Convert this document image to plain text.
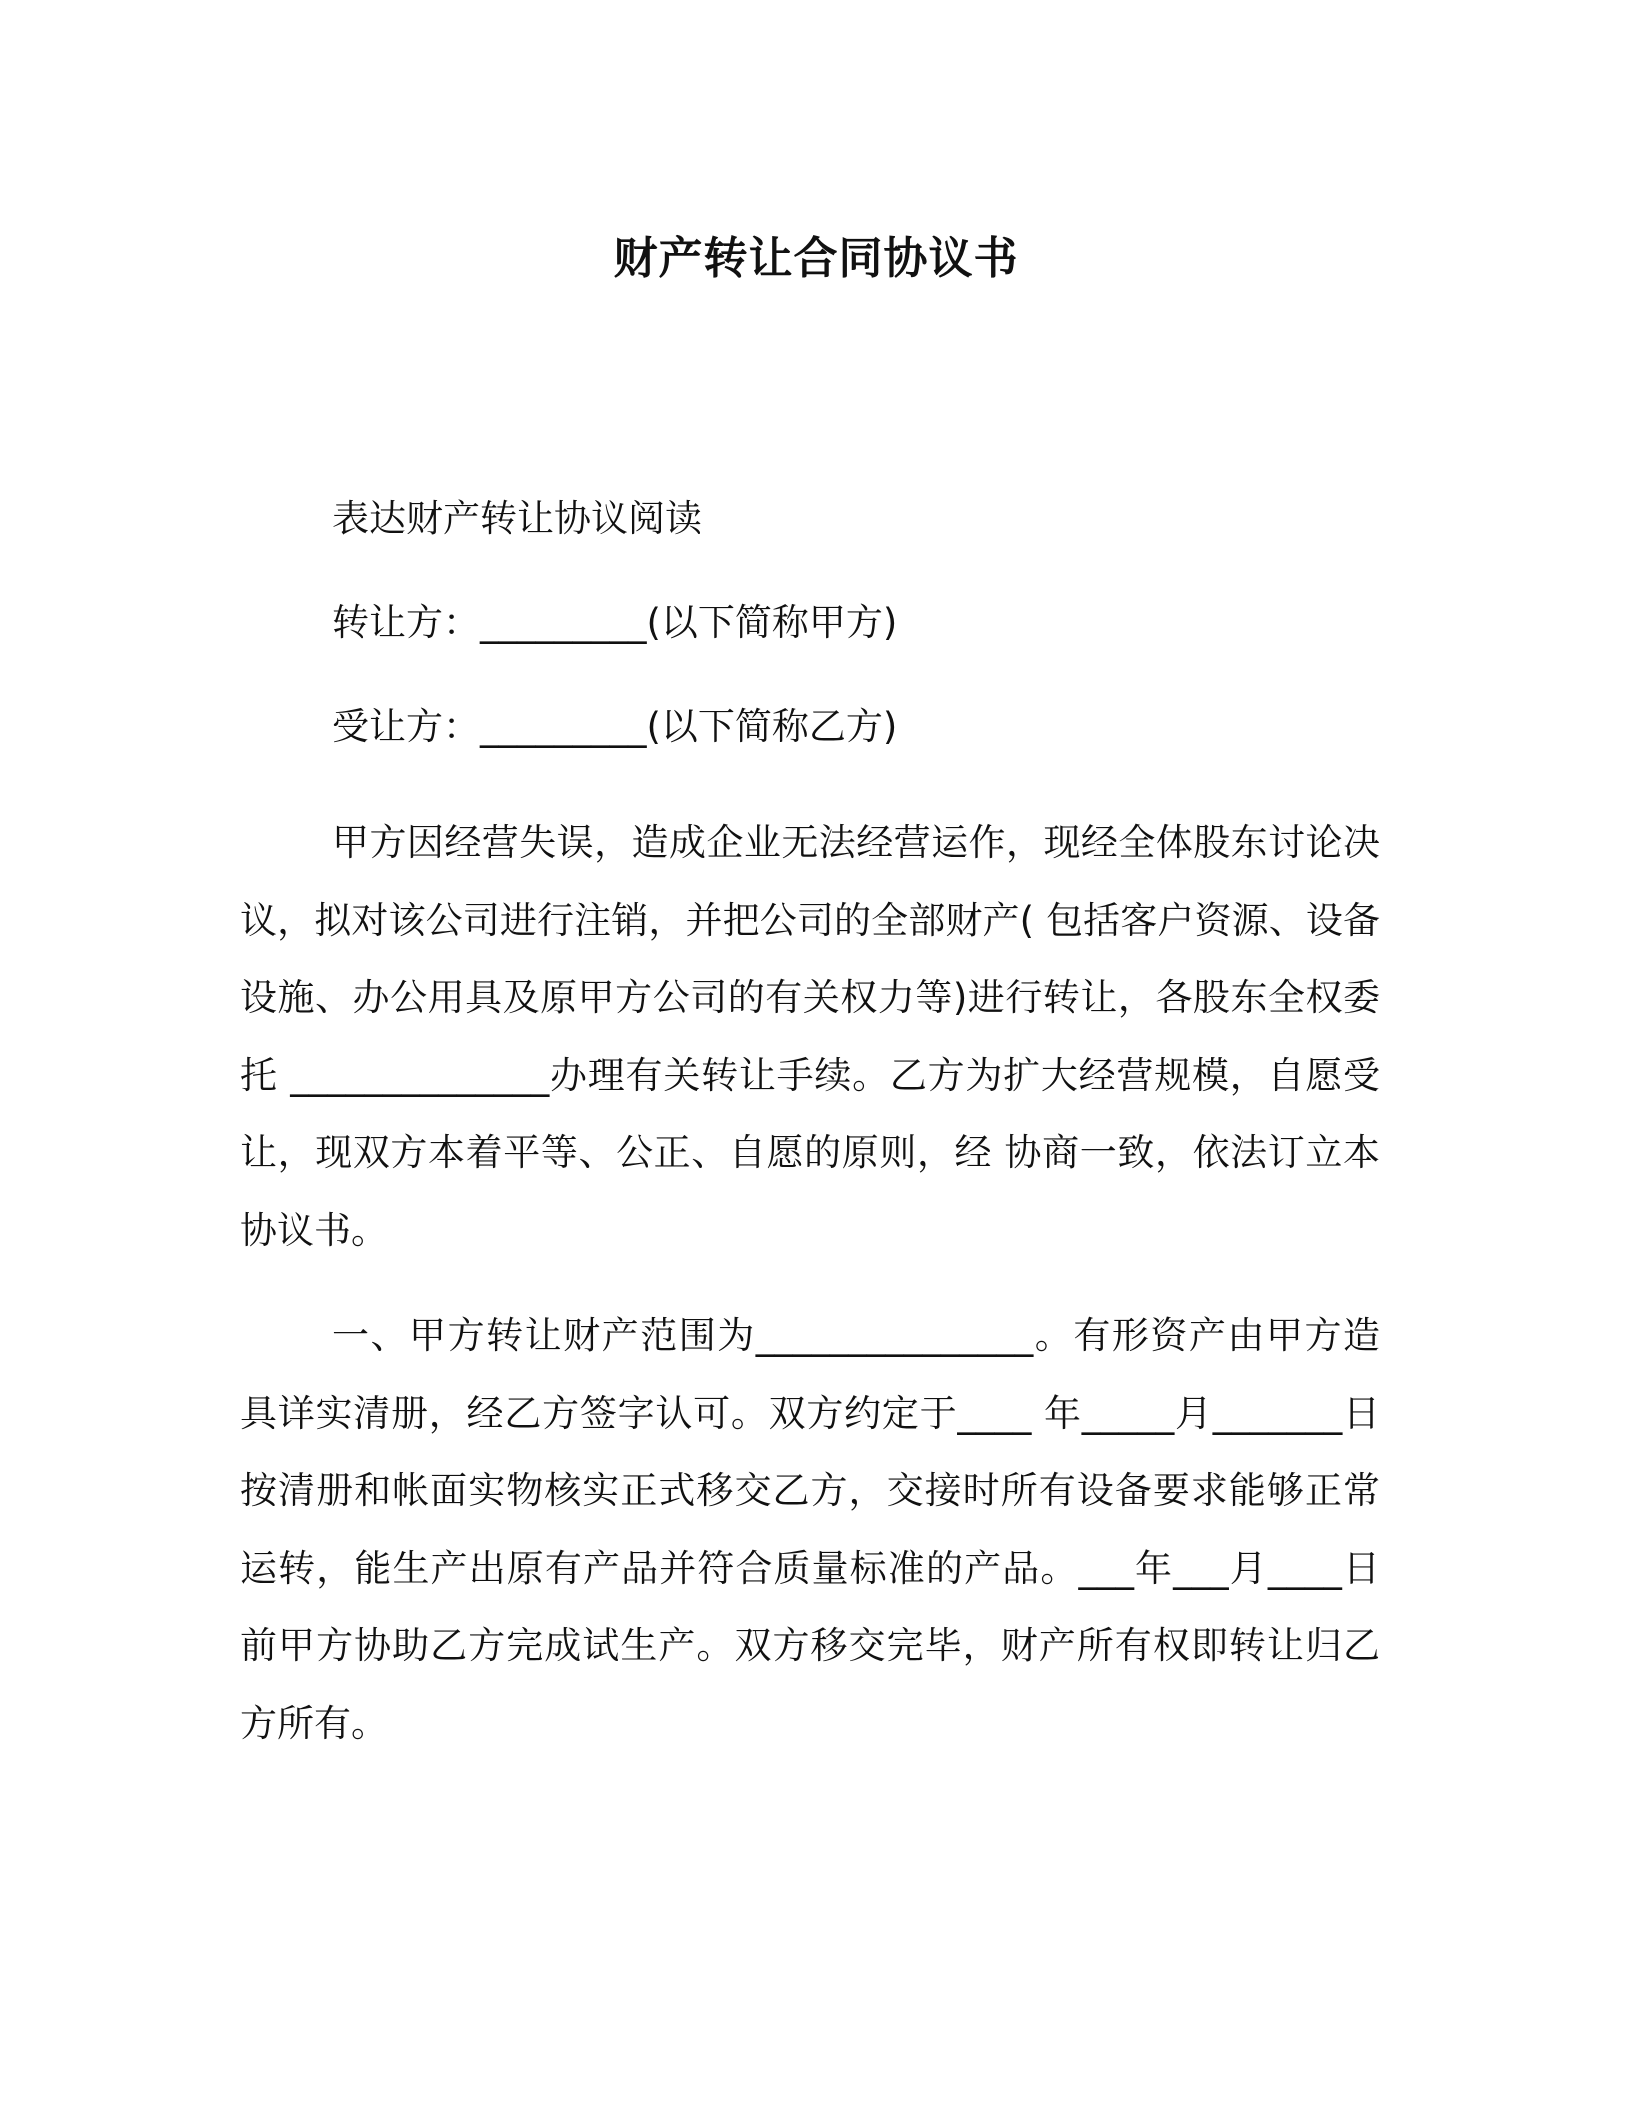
财产转让合同协议书
表达财产转让协议阅读
转让方：_________(以下简称甲方)
受让方：_________(以下简称乙方)

甲方因经营失误，造成企业无法经营运作，现经全体股东讨论决议，拟对该公司进行注销，并把公司的全部财产( 包括客户资源、设备设施、办公用具及原甲方公司的有关权力等)进行转让，各股东全权委托 ______________办理有关转让手续。乙方为扩大经营规模，自愿受让，现双方本着平等、公正、自愿的原则，经 协商一致，依法订立本协议书。

一、甲方转让财产范围为_______________。有形资产由甲方造具详实清册，经乙方签字认可。双方约定于____ 年_____月_______日按清册和帐面实物核实正式移交乙方，交接时所有设备要求能够正常运转，能生产出原有产品并符合质量标准的产品。___年___月____日前甲方协助乙方完成试生产。双方移交完毕，财产所有权即转让归乙方所有。
